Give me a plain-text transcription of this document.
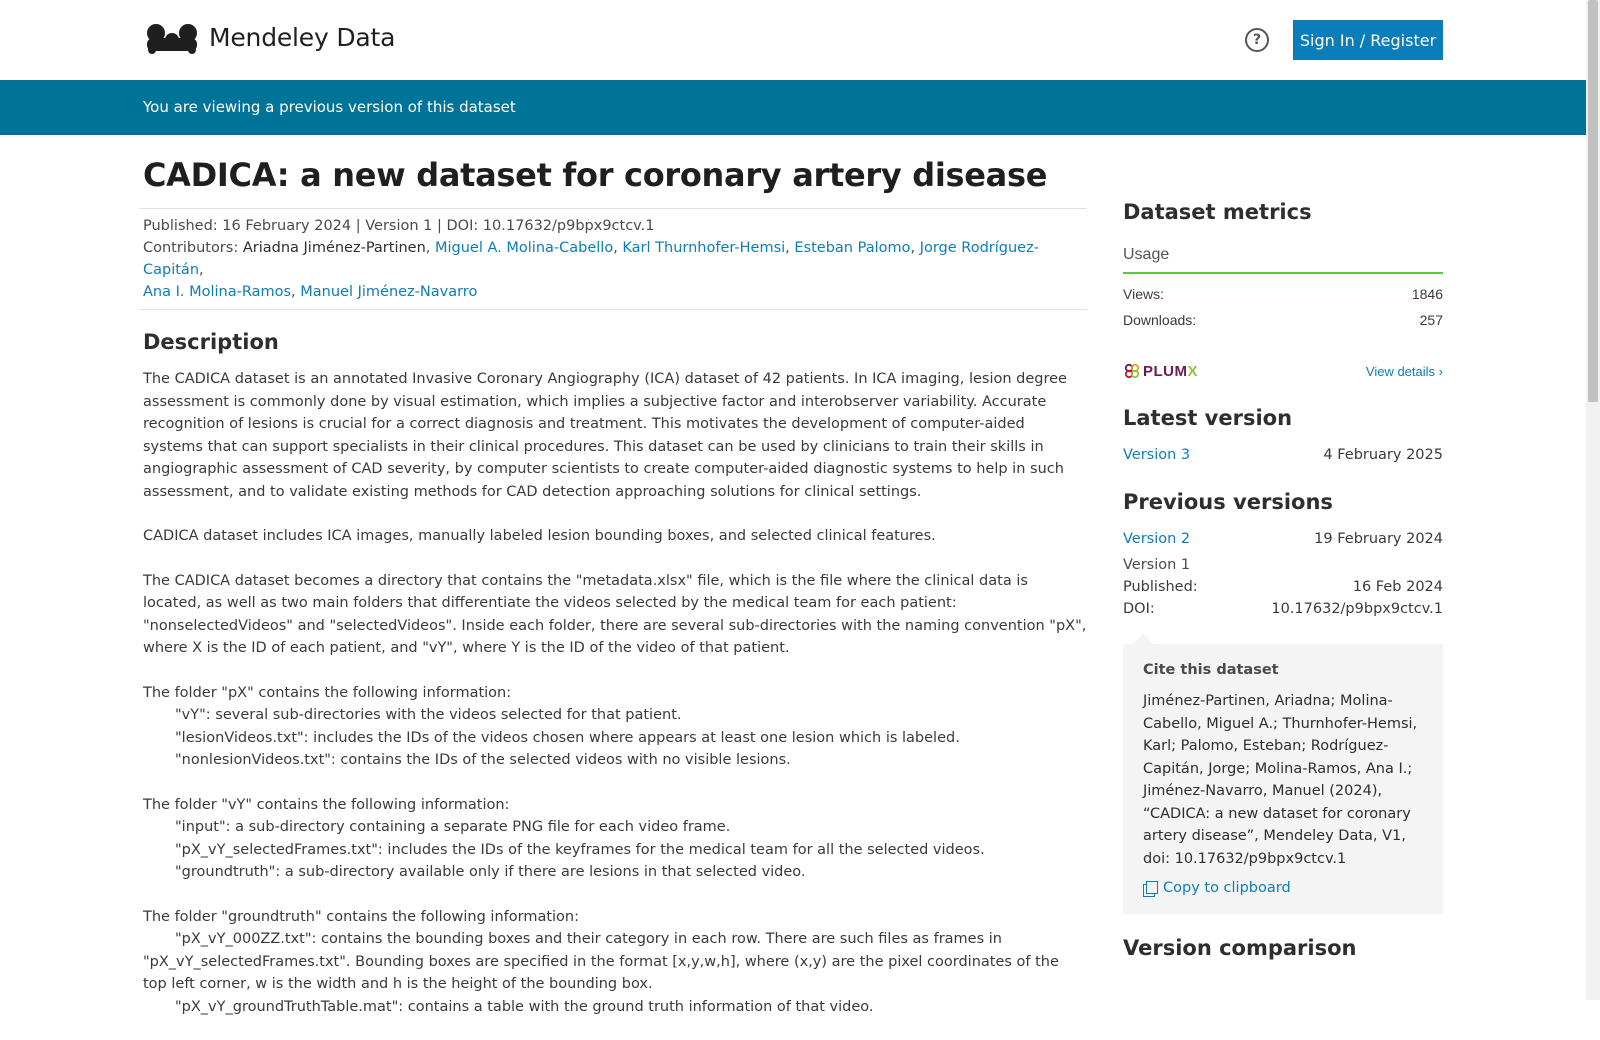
Mendeley Data	?	Sign In / Register
You are viewing a previous version of this dataset
CADICA: a new dataset for coronary artery disease
Published: 16 February 2024 | Version 1 | DOI: 10.17632/p9bpx9ctcv.1
Contributors: Ariadna Jiménez-Partinen, Miguel A. Molina-Cabello, Karl Thurnhofer-Hemsi, Esteban Palomo, Jorge Rodríguez-Capitán,
Ana I. Molina-Ramos, Manuel Jiménez-Navarro
Description

The CADICA dataset is an annotated Invasive Coronary Angiography (ICA) dataset of 42 patients. In ICA imaging, lesion degree assessment is commonly done by visual estimation, which implies a subjective factor and interobserver variability. Accurate recognition of lesions is crucial for a correct diagnosis and treatment. This motivates the development of computer-aided systems that can support specialists in their clinical procedures. This dataset can be used by clinicians to train their skills in angiographic assessment of CAD severity, by computer scientists to create computer-aided diagnostic systems to help in such assessment, and to validate existing methods for CAD detection approaching solutions for clinical settings.

CADICA dataset includes ICA images, manually labeled lesion bounding boxes, and selected clinical features.

The CADICA dataset becomes a directory that contains the "metadata.xlsx" file, which is the file where the clinical data is located, as well as two main folders that differentiate the videos selected by the medical team for each patient: "nonselectedVideos" and "selectedVideos". Inside each folder, there are several sub-directories with the naming convention "pX", where X is the ID of each patient, and "vY", where Y is the ID of the video of that patient.

The folder "pX" contains the following information:
"vY": several sub-directories with the videos selected for that patient.
"lesionVideos.txt": includes the IDs of the videos chosen where appears at least one lesion which is labeled.
"nonlesionVideos.txt": contains the IDs of the selected videos with no visible lesions.

The folder "vY" contains the following information:
"input": a sub-directory containing a separate PNG file for each video frame.
"pX_vY_selectedFrames.txt": includes the IDs of the keyframes for the medical team for all the selected videos.
"groundtruth": a sub-directory available only if there are lesions in that selected video.

The folder "groundtruth" contains the following information:
"pX_vY_000ZZ.txt": contains the bounding boxes and their category in each row. There are such files as frames in
"pX_vY_selectedFrames.txt". Bounding boxes are specified in the format [x,y,w,h], where (x,y) are the pixel coordinates of the top left corner, w is the width and h is the height of the bounding box.
"pX_vY_groundTruthTable.mat": contains a table with the ground truth information of that video.

Dataset metrics
Usage
Views:	1846
Downloads:	257
PLUM X	View details ›
Latest version
Version 3	4 February 2025
Previous versions
Version 2	19 February 2024
Version 1
Published:	16 Feb 2024
DOI:	10.17632/p9bpx9ctcv.1
Cite this dataset
Jiménez-Partinen, Ariadna; Molina-Cabello, Miguel A.; Thurnhofer-Hemsi, Karl; Palomo, Esteban; Rodríguez-Capitán, Jorge; Molina-Ramos, Ana I.; Jiménez-Navarro, Manuel (2024), “CADICA: a new dataset for coronary artery disease”, Mendeley Data, V1, doi: 10.17632/p9bpx9ctcv.1
Copy to clipboard
Version comparison
